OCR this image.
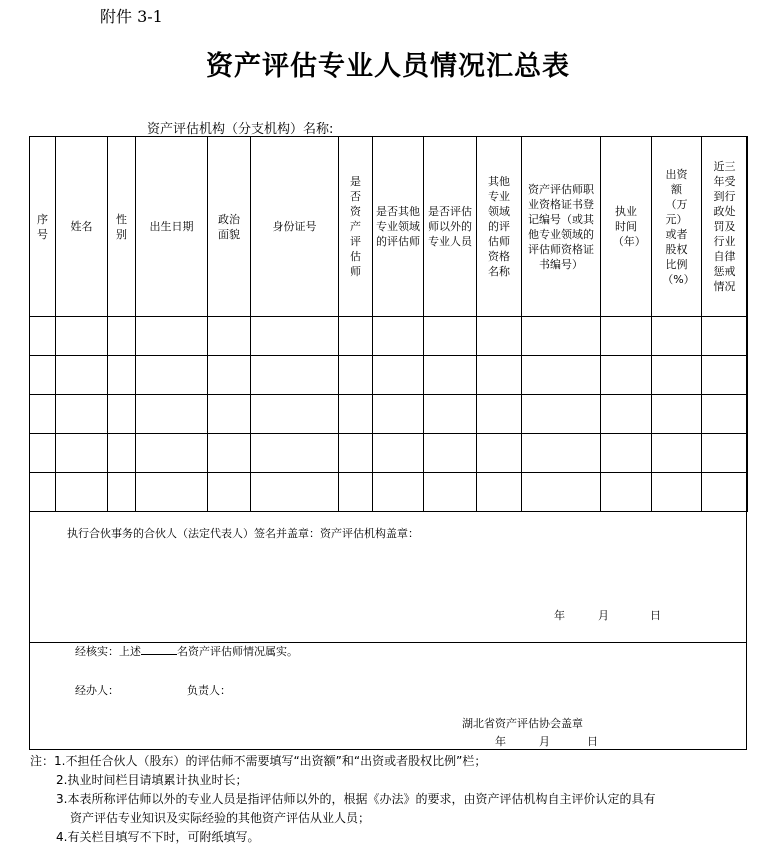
附件 3-1
资产评估专业人员情况汇总表
资产评估机构（分支机构）名称:
序号	姓名	性别	出生日期	政治面貌	身份证号	是否资产评估师	是否其他专业领域的评估师	是否评估师以外的专业人员	其他专业领域的评估师资格名称	资产评估师职业资格证书登记编号（或其他专业领域的评估师资格证书编号）	执业时间（年）	出资额（万元）或者股权比例（%）	近三年受到行政处罚及行业自律惩戒情况

执行合伙事务的合伙人（法定代表人）签名并盖章：资产评估机构盖章：
年	月	日
经核实：上述	名资产评估师情况属实。
经办人：	负责人：
湖北省资产评估协会盖章
年	月	日
注：1.不担任合伙人（股东）的评估师不需要填写“出资额”和“出资或者股权比例”栏；
2.执业时间栏目请填累计执业时长；
3.本表所称评估师以外的专业人员是指评估师以外的，根据《办法》的要求，由资产评估机构自主评价认定的具有
资产评估专业知识及实际经验的其他资产评估从业人员；
4.有关栏目填写不下时，可附纸填写。
